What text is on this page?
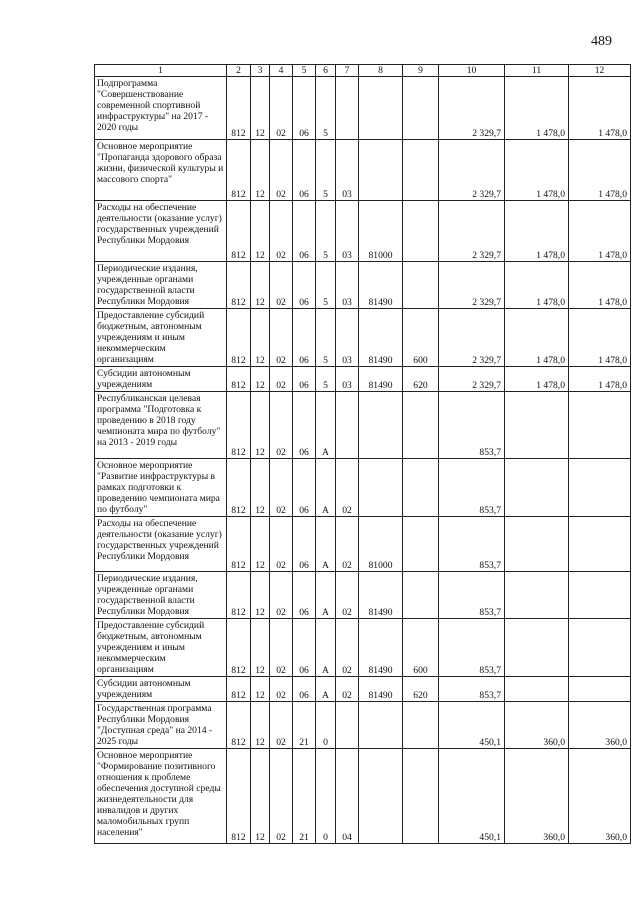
489
1	2	3	4	5	6	7	8	9	10	11	12
Подпрограмма "Совершенствование современной спортивной инфраструктуры" на 2017 - 2020 годы	812	12	02	06	5				2 329,7	1 478,0	1 478,0
Основное мероприятие "Пропаганда здорового образа жизни, физической культуры и массового спорта"	812	12	02	06	5	03			2 329,7	1 478,0	1 478,0
Расходы на обеспечение деятельности (оказание услуг) государственных учреждений Республики Мордовия	812	12	02	06	5	03	81000		2 329,7	1 478,0	1 478,0
Периодические издания, учрежденные органами государственной власти Республики Мордовия	812	12	02	06	5	03	81490		2 329,7	1 478,0	1 478,0
Предоставление субсидий бюджетным, автономным учреждениям и иным некоммерческим организациям	812	12	02	06	5	03	81490	600	2 329,7	1 478,0	1 478,0
Субсидии автономным учреждениям	812	12	02	06	5	03	81490	620	2 329,7	1 478,0	1 478,0
Республиканская целевая программа "Подготовка к проведению в 2018 году чемпионата мира по футболу" на 2013 - 2019 годы	812	12	02	06	А				853,7		
Основное мероприятие "Развитие инфраструктуры в рамках подготовки к проведению чемпионата мира по футболу"	812	12	02	06	А	02			853,7		
Расходы на обеспечение деятельности (оказание услуг) государственных учреждений Республики Мордовия	812	12	02	06	А	02	81000		853,7		
Периодические издания, учрежденные органами государственной власти Республики Мордовия	812	12	02	06	А	02	81490		853,7		
Предоставление субсидий бюджетным, автономным учреждениям и иным некоммерческим организациям	812	12	02	06	А	02	81490	600	853,7		
Субсидии автономным учреждениям	812	12	02	06	А	02	81490	620	853,7		
Государственная программа Республики Мордовия "Доступная среда" на 2014 - 2025 годы	812	12	02	21	0				450,1	360,0	360,0
Основное мероприятие "Формирование позитивного отношения к проблеме обеспечения доступной среды жизнедеятельности для инвалидов и других маломобильных групп населения"	812	12	02	21	0	04			450,1	360,0	360,0
